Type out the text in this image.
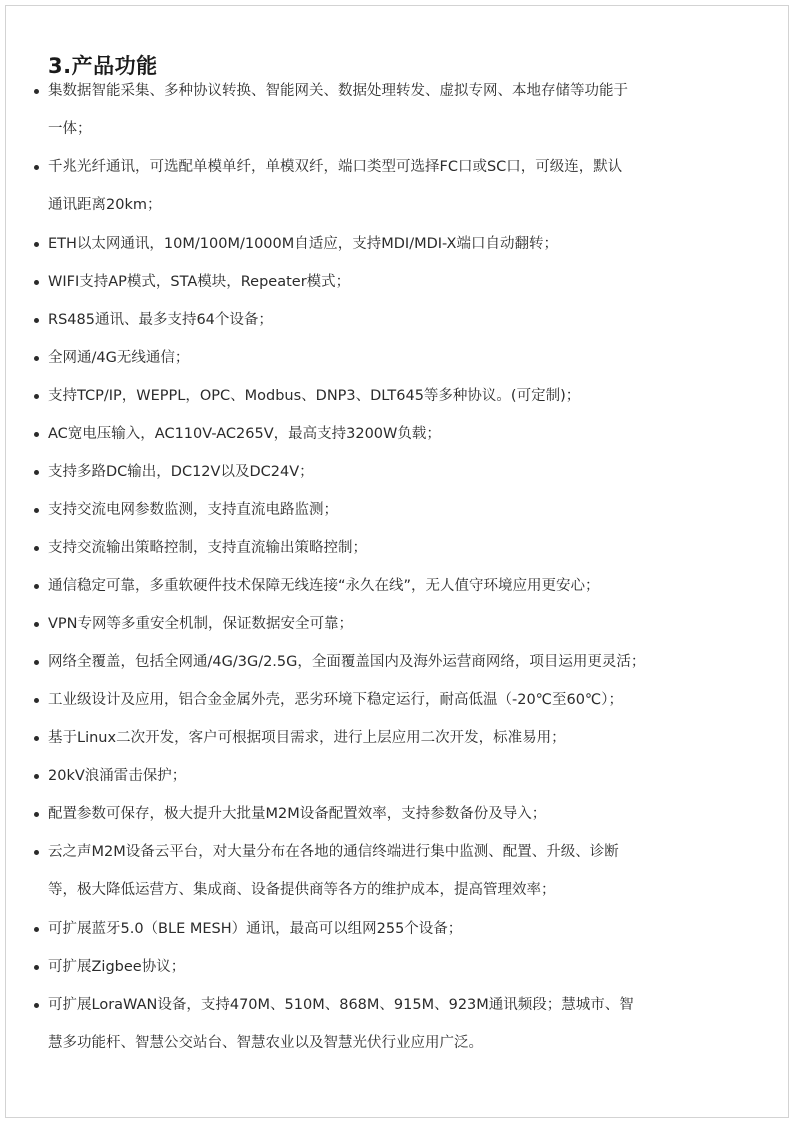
3.产品功能
集数据智能采集、多种协议转换、智能网关、数据处理转发、虚拟专网、本地存储等功能于
一体；
千兆光纤通讯，可选配单模单纤，单模双纤，端口类型可选择FC口或SC口，可级连，默认
通讯距离20km；
ETH以太网通讯，10M/100M/1000M自适应，支持MDI/MDI-X端口自动翻转；
WIFI支持AP模式，STA模块，Repeater模式；
RS485通讯、最多支持64个设备；
全网通/4G无线通信；
支持TCP/IP，WEPPL，OPC、Modbus、DNP3、DLT645等多种协议。(可定制)；
AC宽电压输入，AC110V-AC265V，最高支持3200W负载；
支持多路DC输出，DC12V以及DC24V；
支持交流电网参数监测，支持直流电路监测；
支持交流输出策略控制，支持直流输出策略控制；
通信稳定可靠，多重软硬件技术保障无线连接“永久在线”，无人值守环境应用更安心；
VPN专网等多重安全机制，保证数据安全可靠；
网络全覆盖，包括全网通/4G/3G/2.5G，全面覆盖国内及海外运营商网络，项目运用更灵活；
工业级设计及应用，铝合金金属外壳，恶劣环境下稳定运行，耐高低温（-20℃至60℃）；
基于Linux二次开发，客户可根据项目需求，进行上层应用二次开发，标准易用；
20kV浪涌雷击保护；
配置参数可保存，极大提升大批量M2M设备配置效率，支持参数备份及导入；
云之声M2M设备云平台，对大量分布在各地的通信终端进行集中监测、配置、升级、诊断
等，极大降低运营方、集成商、设备提供商等各方的维护成本，提高管理效率；
可扩展蓝牙5.0（BLE MESH）通讯，最高可以组网255个设备；
可扩展Zigbee协议；
可扩展LoraWAN设备，支持470M、510M、868M、915M、923M通讯频段；慧城市、智
慧多功能杆、智慧公交站台、智慧农业以及智慧光伏行业应用广泛。
